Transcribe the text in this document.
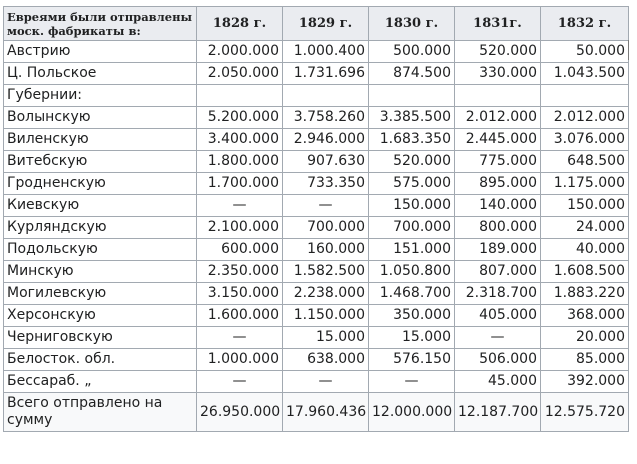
Евреями были отправлены моск. фабрикаты в:	1828 г.	1829 г.	1830 г.	1831г.	1832 г.
Австрию	2.000.000	1.000.400	500.000	520.000	50.000
Ц. Польское	2.050.000	1.731.696	874.500	330.000	1.043.500
Губернии:					
Волынскую	5.200.000	3.758.260	3.385.500	2.012.000	2.012.000
Виленскую	3.400.000	2.946.000	1.683.350	2.445.000	3.076.000
Витебскую	1.800.000	907.630	520.000	775.000	648.500
Гродненскую	1.700.000	733.350	575.000	895.000	1.175.000
Киевскую	—	—	150.000	140.000	150.000
Курляндскую	2.100.000	700.000	700.000	800.000	24.000
Подольскую	600.000	160.000	151.000	189.000	40.000
Минскую	2.350.000	1.582.500	1.050.800	807.000	1.608.500
Могилевскую	3.150.000	2.238.000	1.468.700	2.318.700	1.883.220
Херсонскую	1.600.000	1.150.000	350.000	405.000	368.000
Черниговскую	—	15.000	15.000	—	20.000
Белосток. обл.	1.000.000	638.000	576.150	506.000	85.000
Бессараб. „	—	—	—	45.000	392.000
Всего отправлено на сумму	26.950.000	17.960.436	12.000.000	12.187.700	12.575.720
